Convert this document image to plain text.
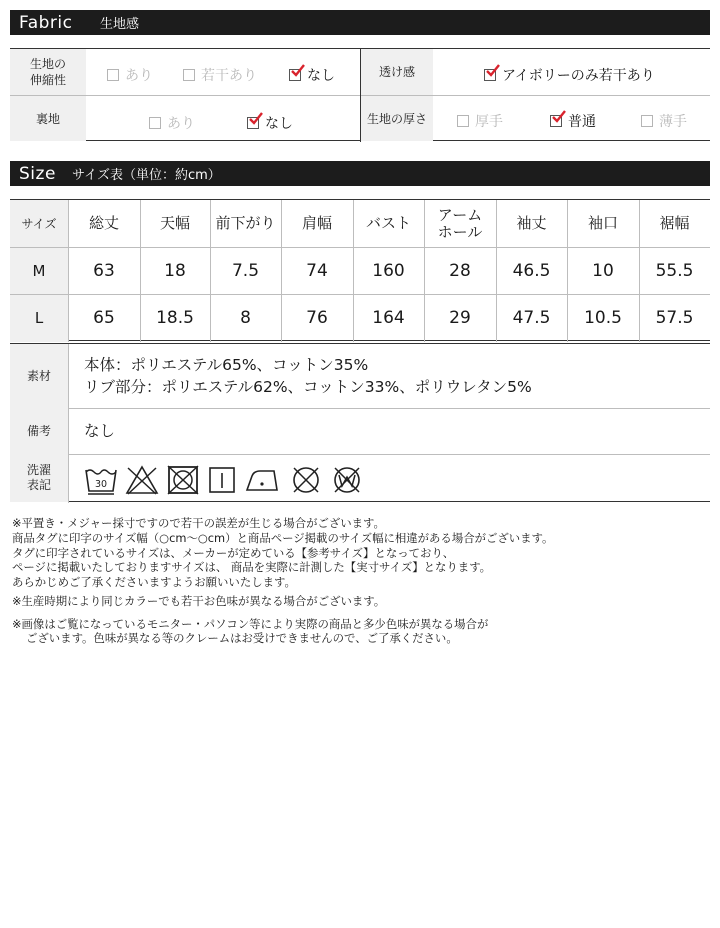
Fabric	生地感
生地の
伸縮性	あり	若干あり	なし	透け感	アイボリーのみ若干あり
裏地	あり	なし	生地の厚さ	厚手	普通	薄手
Size	サイズ表（単位：約cm）
サイズ	総丈	天幅	前下がり	肩幅	バスト	アーム
ホール	袖丈	袖口	裾幅
M	63	18	7.5	74	160	28	46.5	10	55.5
L	65	18.5	8	76	164	29	47.5	10.5	57.5
素材
本体：ポリエステル65%、コットン35%
リブ部分：ポリエステル62%、コットン33%、ポリウレタン5%
備考	なし
洗濯
表記	30
※平置き・メジャー採寸ですので若干の誤差が生じる場合がございます。
商品タグに印字のサイズ幅（○cm〜○cm）と商品ページ掲載のサイズ幅に相違がある場合がございます。
タグに印字されているサイズは、メーカーが定めている【参考サイズ】となっており、
ページに掲載いたしておりますサイズは、 商品を実際に計測した【実寸サイズ】となります。
あらかじめご了承くださいますようお願いいたします。
※生産時期により同じカラーでも若干お色味が異なる場合がございます。
※画像はご覧になっているモニター・パソコン等により実際の商品と多少色味が異なる場合が
ございます。色味が異なる等のクレームはお受けできませんので、ご了承ください。
